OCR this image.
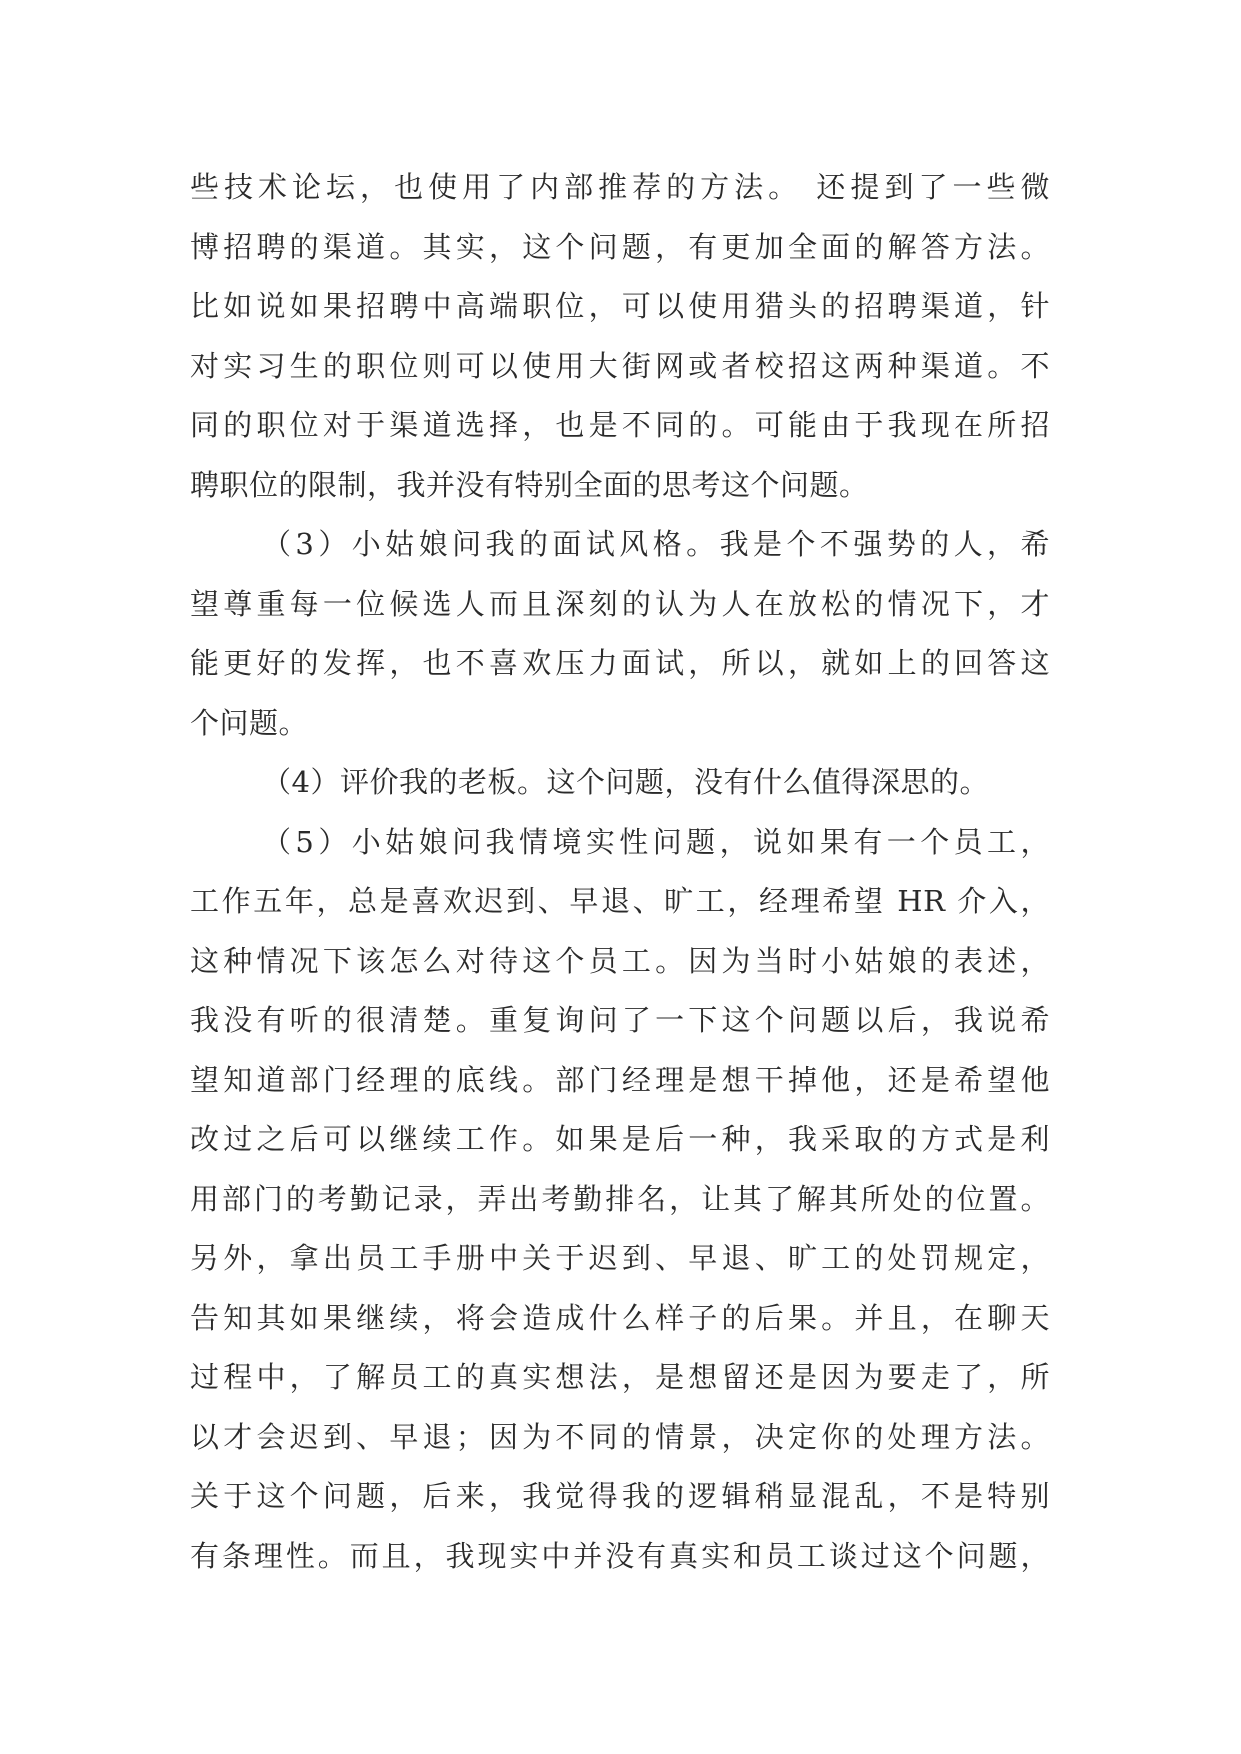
些技术论坛，也使用了内部推荐的方法。 还提到了一些微
博招聘的渠道。其实，这个问题，有更加全面的解答方法。
比如说如果招聘中高端职位，可以使用猎头的招聘渠道，针
对实习生的职位则可以使用大街网或者校招这两种渠道。不
同的职位对于渠道选择，也是不同的。可能由于我现在所招
聘职位的限制，我并没有特别全面的思考这个问题。
（3）小姑娘问我的面试风格。我是个不强势的人，希
望尊重每一位候选人而且深刻的认为人在放松的情况下，才
能更好的发挥，也不喜欢压力面试，所以，就如上的回答这
个问题。
（4）评价我的老板。这个问题，没有什么值得深思的。
（5）小姑娘问我情境实性问题，说如果有一个员工，
工作五年，总是喜欢迟到、早退、旷工，经理希望 HR 介入，
这种情况下该怎么对待这个员工。因为当时小姑娘的表述，
我没有听的很清楚。重复询问了一下这个问题以后，我说希
望知道部门经理的底线。部门经理是想干掉他，还是希望他
改过之后可以继续工作。如果是后一种，我采取的方式是利
用部门的考勤记录，弄出考勤排名，让其了解其所处的位置。
另外，拿出员工手册中关于迟到、早退、旷工的处罚规定，
告知其如果继续，将会造成什么样子的后果。并且，在聊天
过程中，了解员工的真实想法，是想留还是因为要走了，所
以才会迟到、早退；因为不同的情景，决定你的处理方法。
关于这个问题，后来，我觉得我的逻辑稍显混乱，不是特别
有条理性。而且，我现实中并没有真实和员工谈过这个问题，
